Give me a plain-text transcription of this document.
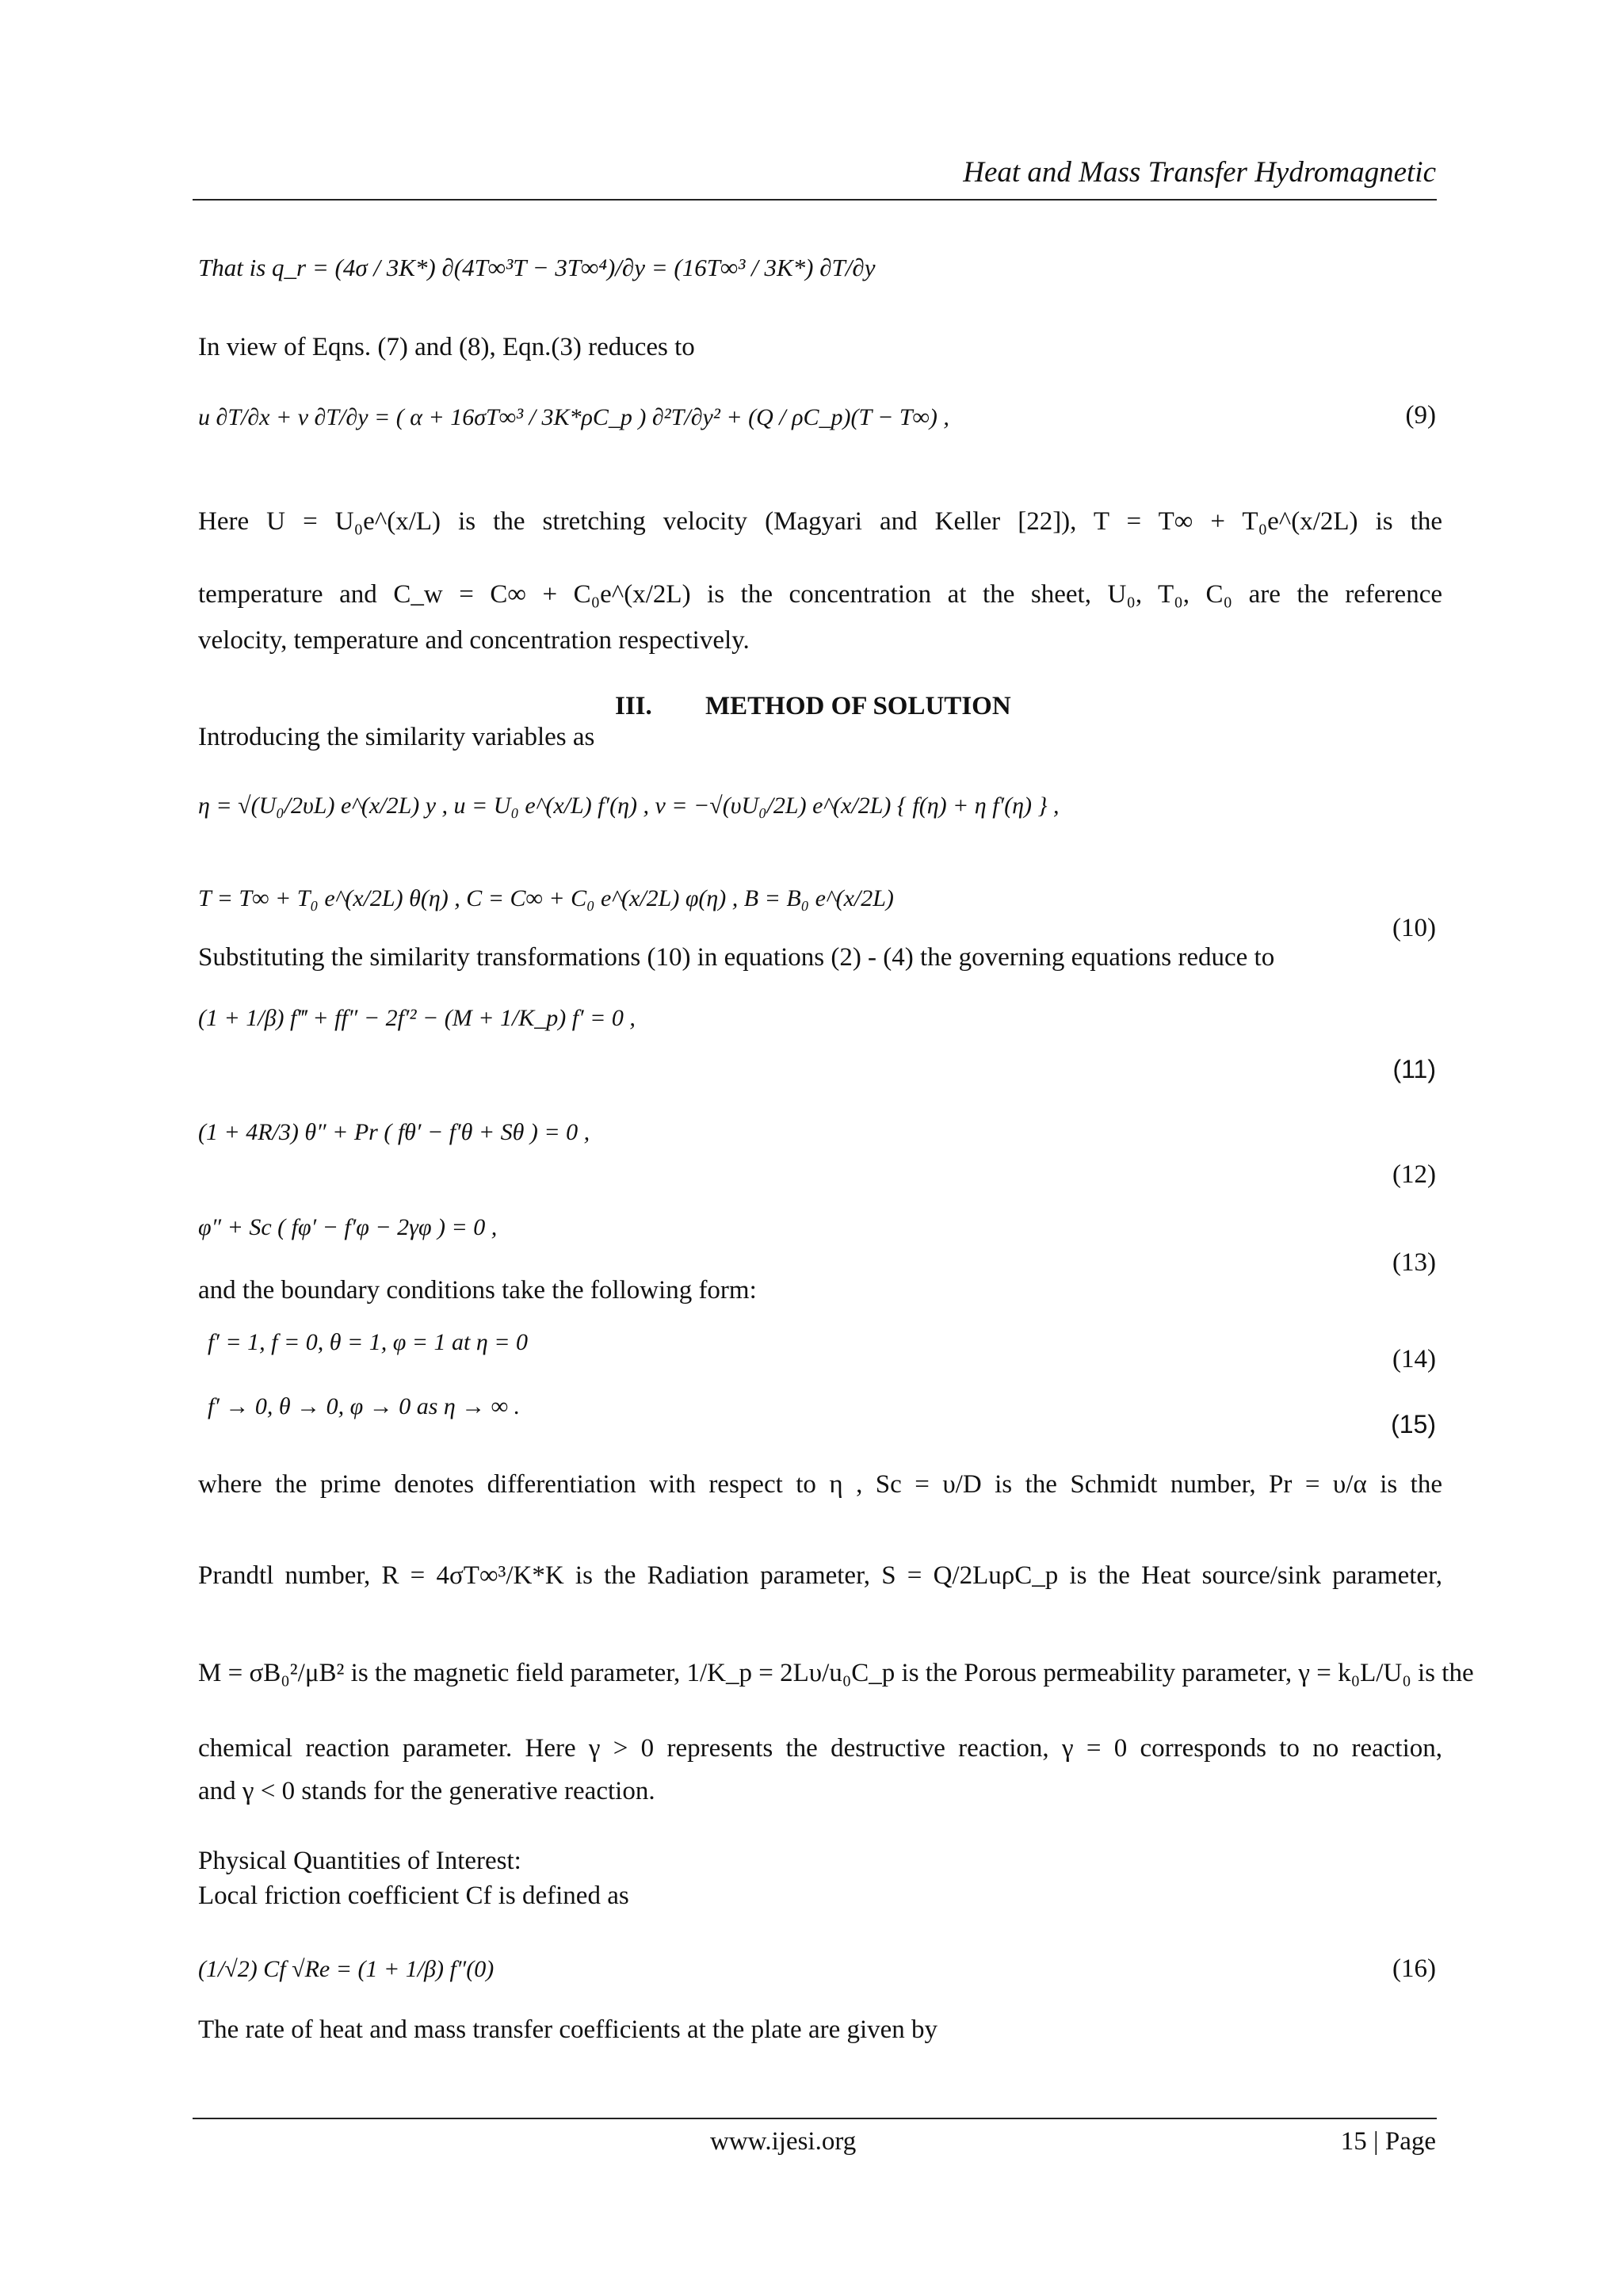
Heat and Mass Transfer Hydromagnetic
That is q_r = (4σ / 3K*) ∂(4T∞³T − 3T∞⁴)/∂y = (16T∞³ / 3K*) ∂T/∂y
In view of Eqns. (7) and (8), Eqn.(3) reduces to
u ∂T/∂x + v ∂T/∂y = ( α + 16σT∞³ / 3K*ρC_p ) ∂²T/∂y² + (Q / ρC_p)(T − T∞) ,	(9)
Here U = U₀e^(x/L) is the stretching velocity (Magyari and Keller [22]), T = T∞ + T₀e^(x/2L) is the
temperature and C_w = C∞ + C₀e^(x/2L) is the concentration at the sheet, U₀, T₀, C₀ are the reference
velocity, temperature and concentration respectively.
III. METHOD OF SOLUTION
Introducing the similarity variables as
η = √(U₀/2υL) e^(x/2L) y , u = U₀ e^(x/L) f′(η) , v = −√(υU₀/2L) e^(x/2L) { f(η) + η f′(η) } ,
T = T∞ + T₀ e^(x/2L) θ(η) , C = C∞ + C₀ e^(x/2L) φ(η) , B = B₀ e^(x/2L)
(10)
Substituting the similarity transformations (10) in equations (2) - (4) the governing equations reduce to
(1 + 1/β) f‴ + ff″ − 2f′² − (M + 1/K_p) f′ = 0 ,
(11)
(1 + 4R/3) θ″ + Pr ( fθ′ − f′θ + Sθ ) = 0 ,
(12)
φ″ + Sc ( fφ′ − f′φ − 2γφ ) = 0 ,
(13)
and the boundary conditions take the following form:
f′ = 1, f = 0, θ = 1, φ = 1 at η = 0
(14)
f′ → 0, θ → 0, φ → 0 as η → ∞ .
(15)
where the prime denotes differentiation with respect to η , Sc = υ/D is the Schmidt number, Pr = υ/α is the
Prandtl number, R = 4σT∞³/K*K is the Radiation parameter, S = Q/2LuρC_p is the Heat source/sink parameter,
M = σB₀²/μB² is the magnetic field parameter, 1/K_p = 2Lυ/u₀C_p is the Porous permeability parameter, γ = k₀L/U₀ is the
chemical reaction parameter. Here γ > 0 represents the destructive reaction, γ = 0 corresponds to no reaction,
and γ < 0 stands for the generative reaction.
Physical Quantities of Interest:
Local friction coefficient Cf is defined as
(1/√2) Cf √Re = (1 + 1/β) f″(0)	(16)
The rate of heat and mass transfer coefficients at the plate are given by
www.ijesi.org	15 | Page
